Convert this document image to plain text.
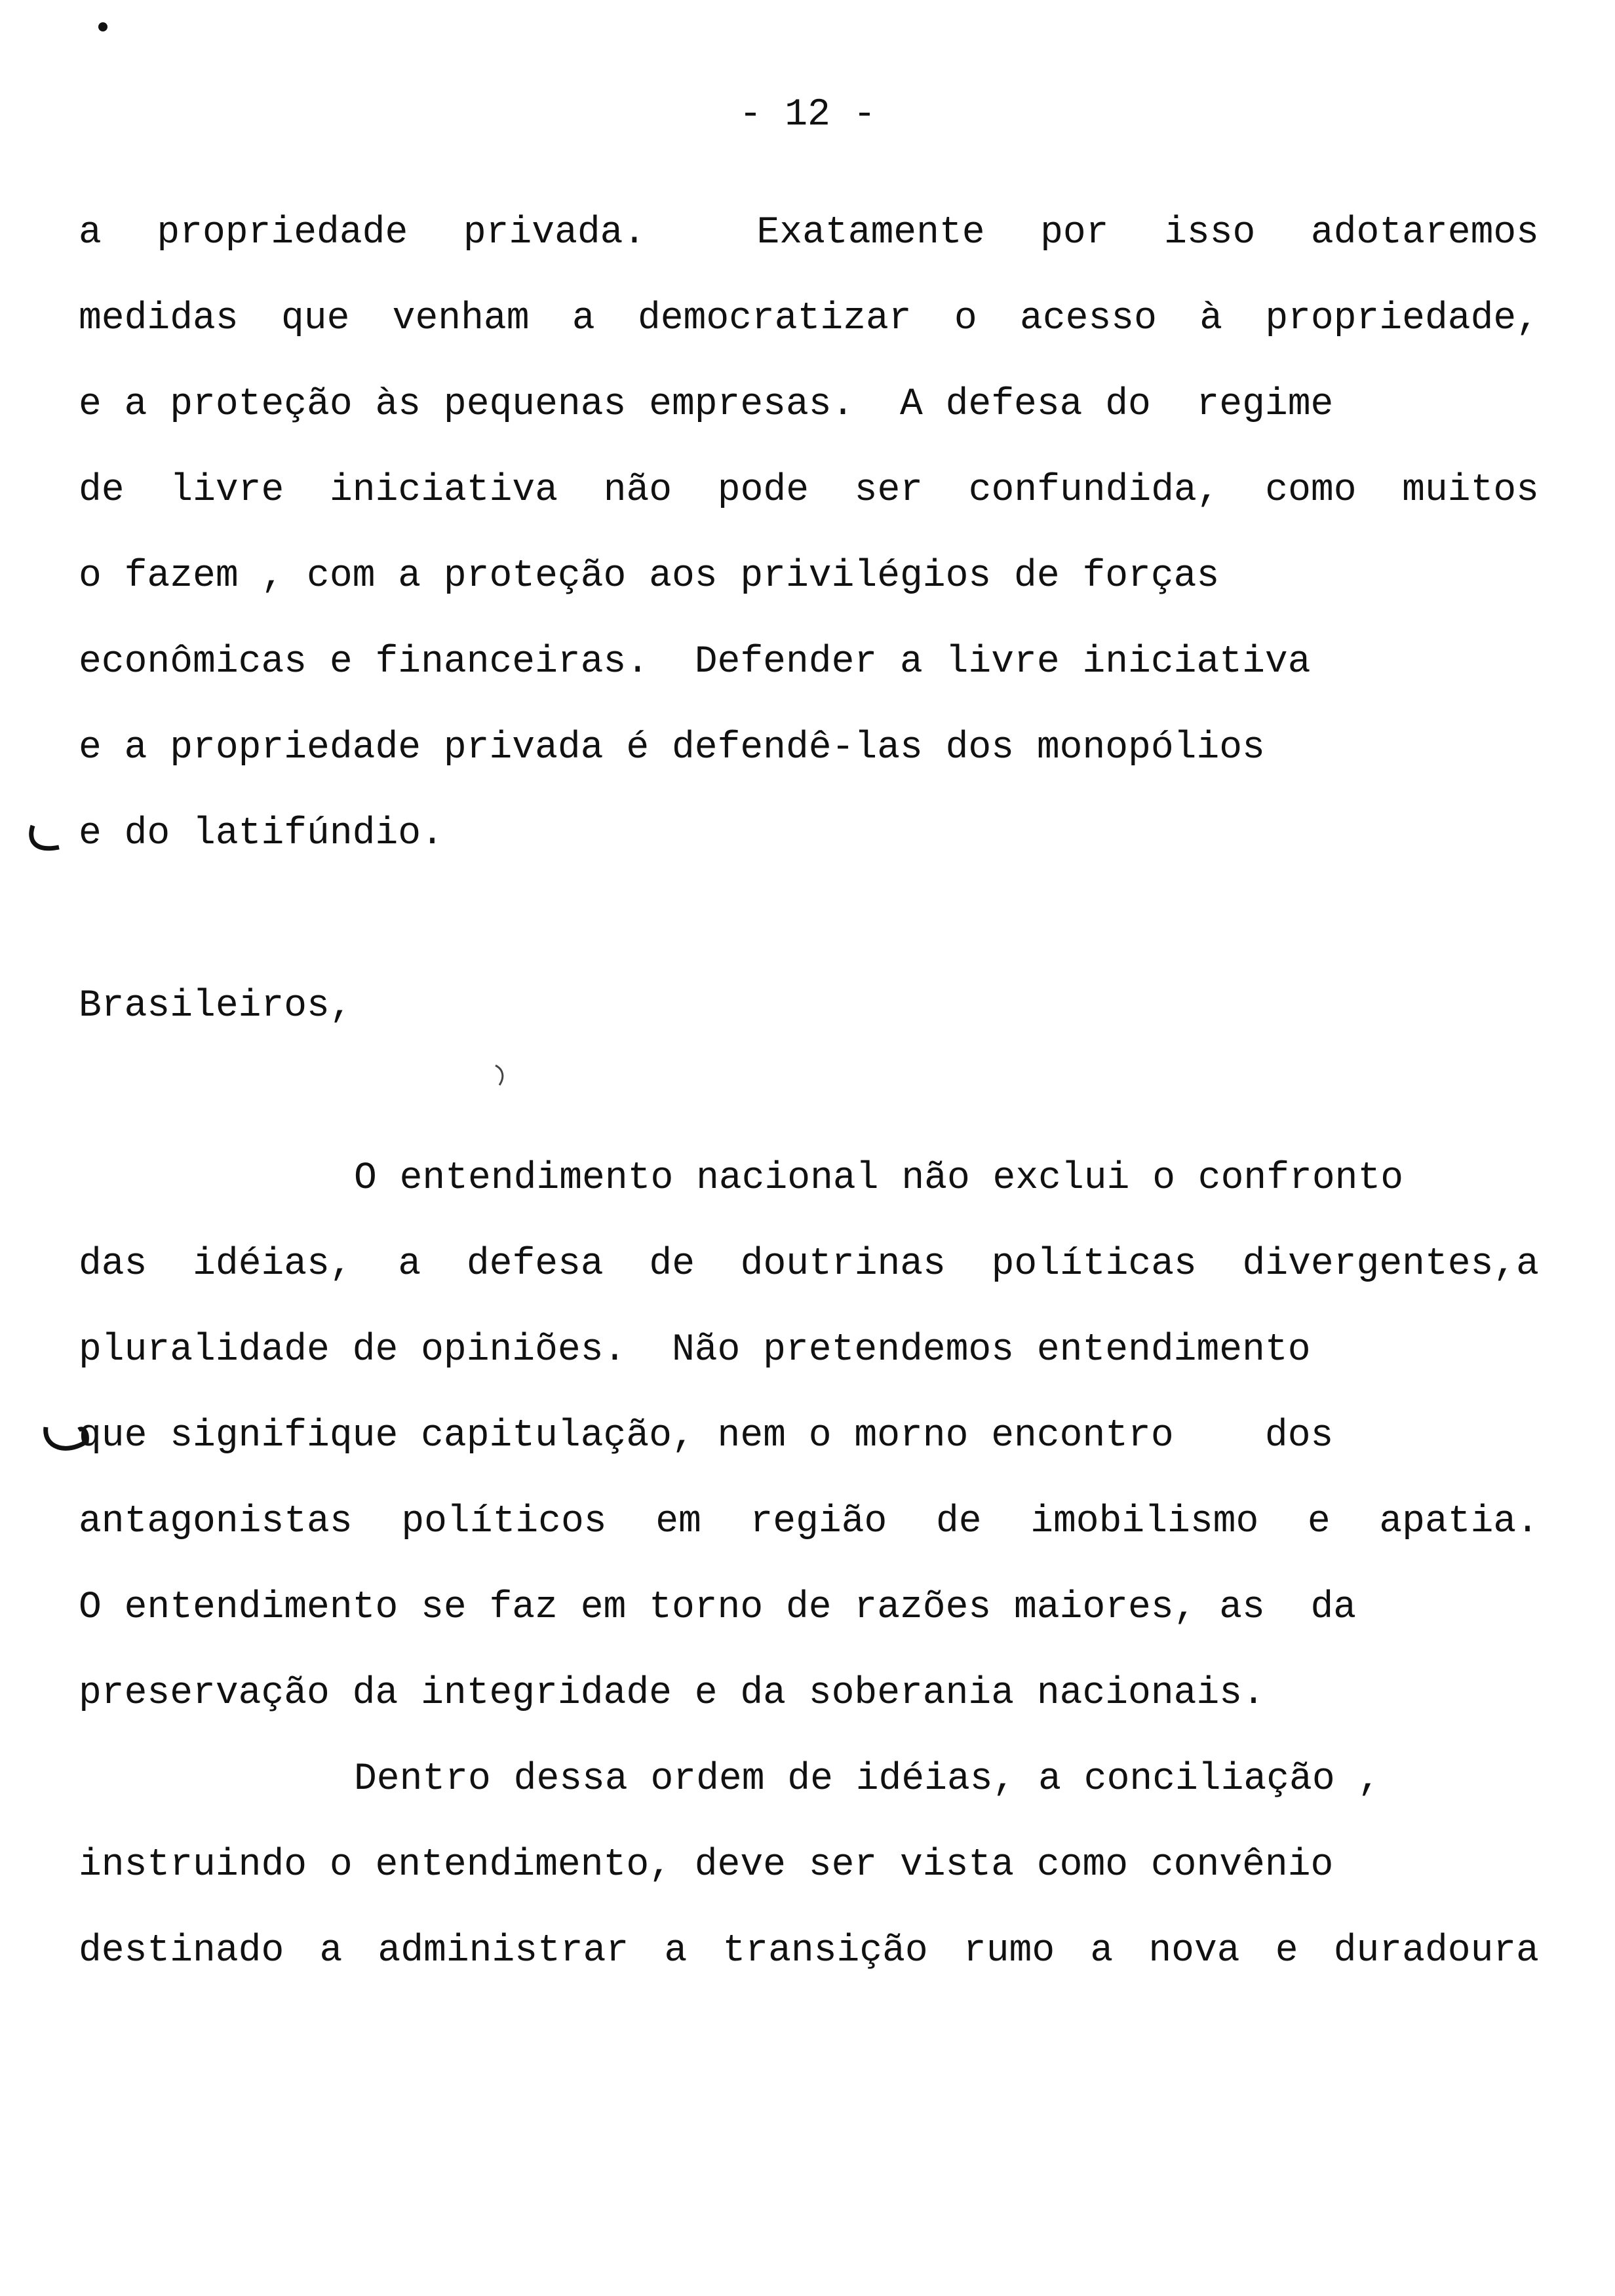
- 12 -
a propriedade privada.  Exatamente por isso adotaremos
medidas que venham a democratizar o acesso à propriedade,
e a proteção às pequenas empresas.  A defesa do  regime
de livre iniciativa não pode ser confundida, como muitos
o fazem , com a proteção aos privilégios de forças
econômicas e financeiras.  Defender a livre iniciativa
e a propriedade privada é defendê-las dos monopólios
e do latifúndio.
Brasileiros,
O entendimento nacional não exclui o confronto
das idéias, a defesa de doutrinas políticas divergentes,a
pluralidade de opiniões.  Não pretendemos entendimento
que signifique capitulação, nem o morno encontro    dos
antagonistas políticos em região de imobilismo e apatia.
O entendimento se faz em torno de razões maiores, as  da
preservação da integridade e da soberania nacionais.
Dentro dessa ordem de idéias, a conciliação ,
instruindo o entendimento, deve ser vista como convênio
destinado a administrar a transição rumo a nova e duradoura
